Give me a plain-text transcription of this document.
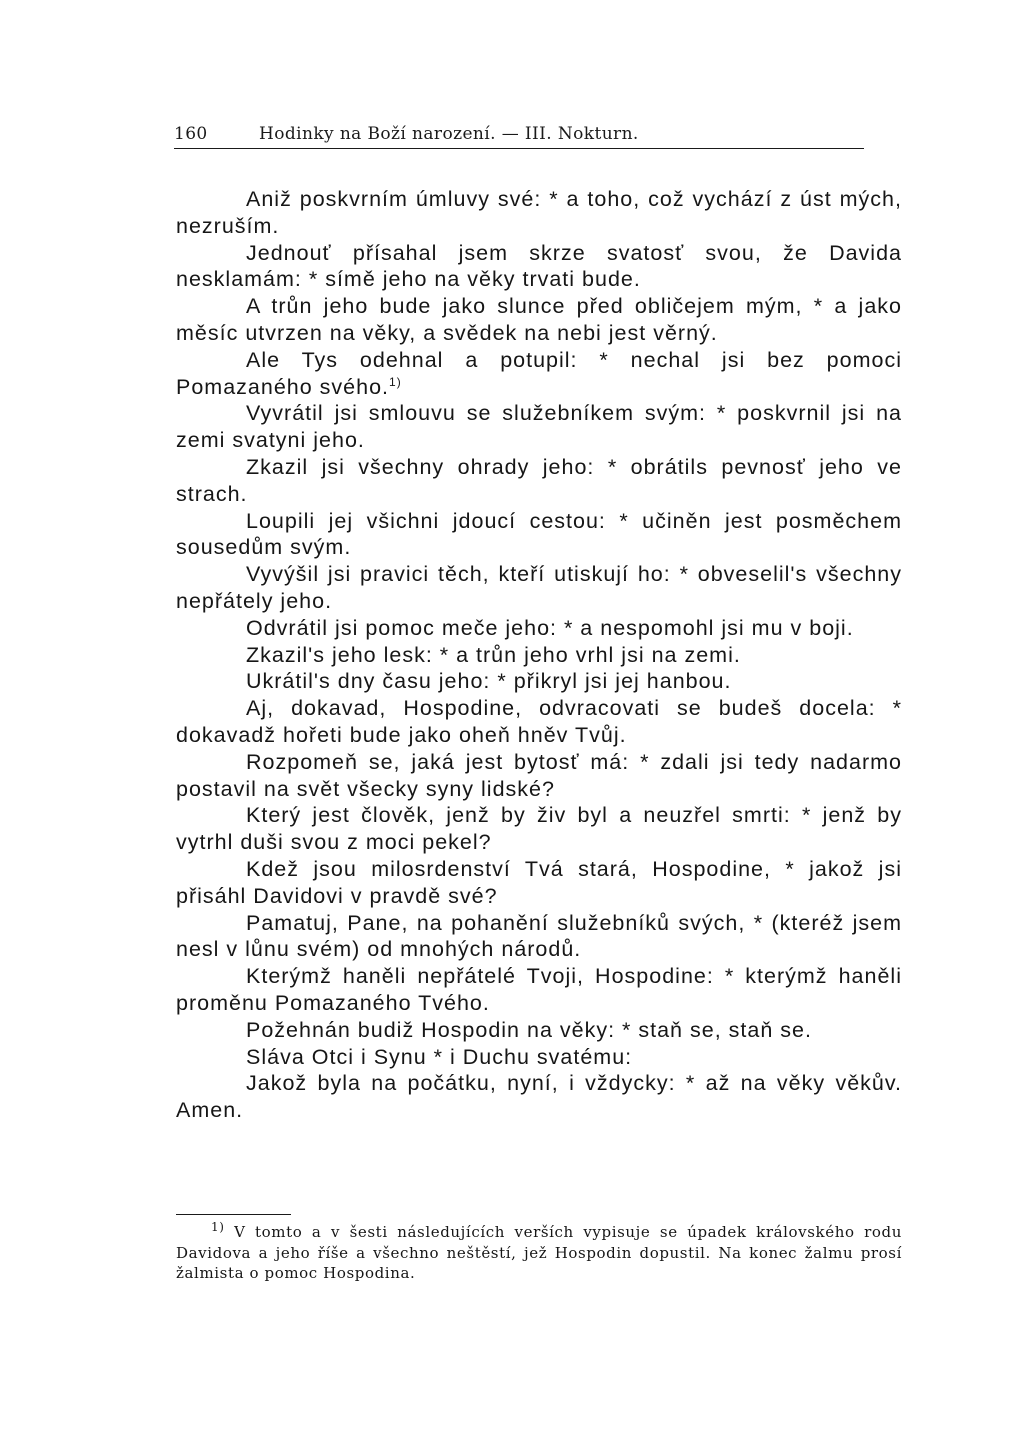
160	Hodinky na Boží narození. — III. Nokturn.

Aniž poskvrním úmluvy své: * a toho, což vychází z úst mých, nezruším.

Jednouť přísahal jsem skrze svatosť svou, že Davida nesklamám: * símě jeho na věky trvati bude.

A trůn jeho bude jako slunce před obličejem mým, * a jako měsíc utvrzen na věky, a svědek na nebi jest věrný.

Ale Tys odehnal a potupil: * nechal jsi bez pomoci Pomazaného svého.$^{1)}$

Vyvrátil jsi smlouvu se služebníkem svým: * poskvrnil jsi na zemi svatyni jeho.

Zkazil jsi všechny ohrady jeho: * obrátils pevnosť jeho ve strach.

Loupili jej všichni jdoucí cestou: * učiněn jest posměchem sousedům svým.

Vyvýšil jsi pravici těch, kteří utiskují ho: * obveselil's všechny nepřátely jeho.

Odvrátil jsi pomoc meče jeho: * a nespomohl jsi mu v boji.

Zkazil's jeho lesk: * a trůn jeho vrhl jsi na zemi.

Ukrátil's dny času jeho: * přikryl jsi jej hanbou.

Aj, dokavad, Hospodine, odvracovati se budeš docela: * dokavadž hořeti bude jako oheň hněv Tvůj.

Rozpomeň se, jaká jest bytosť má: * zdali jsi tedy nadarmo postavil na svět všecky syny lidské?

Který jest člověk, jenž by živ byl a neuzřel smrti: * jenž by vytrhl duši svou z moci pekel?

Kdež jsou milosrdenství Tvá stará, Hospodine, * jakož jsi přisáhl Davidovi v pravdě své?

Pamatuj, Pane, na pohanění služebníků svých, * (kteréž jsem nesl v lůnu svém) od mnohých národů.

Kterýmž haněli nepřátelé Tvoji, Hospodine: * kterýmž haněli proměnu Pomazaného Tvého.

Požehnán budiž Hospodin na věky: * staň se, staň se.

Sláva Otci i Synu * i Duchu svatému:

Jakož byla na počátku, nyní, i vždycky: * až na věky věkův. Amen.

$^{1)}$ V tomto a v šesti následujících verších vypisuje se úpadek královského rodu Davidova a jeho říše a všechno neštěstí, jež Hospodin dopustil. Na konec žalmu prosí žalmista o pomoc Hospodina.
